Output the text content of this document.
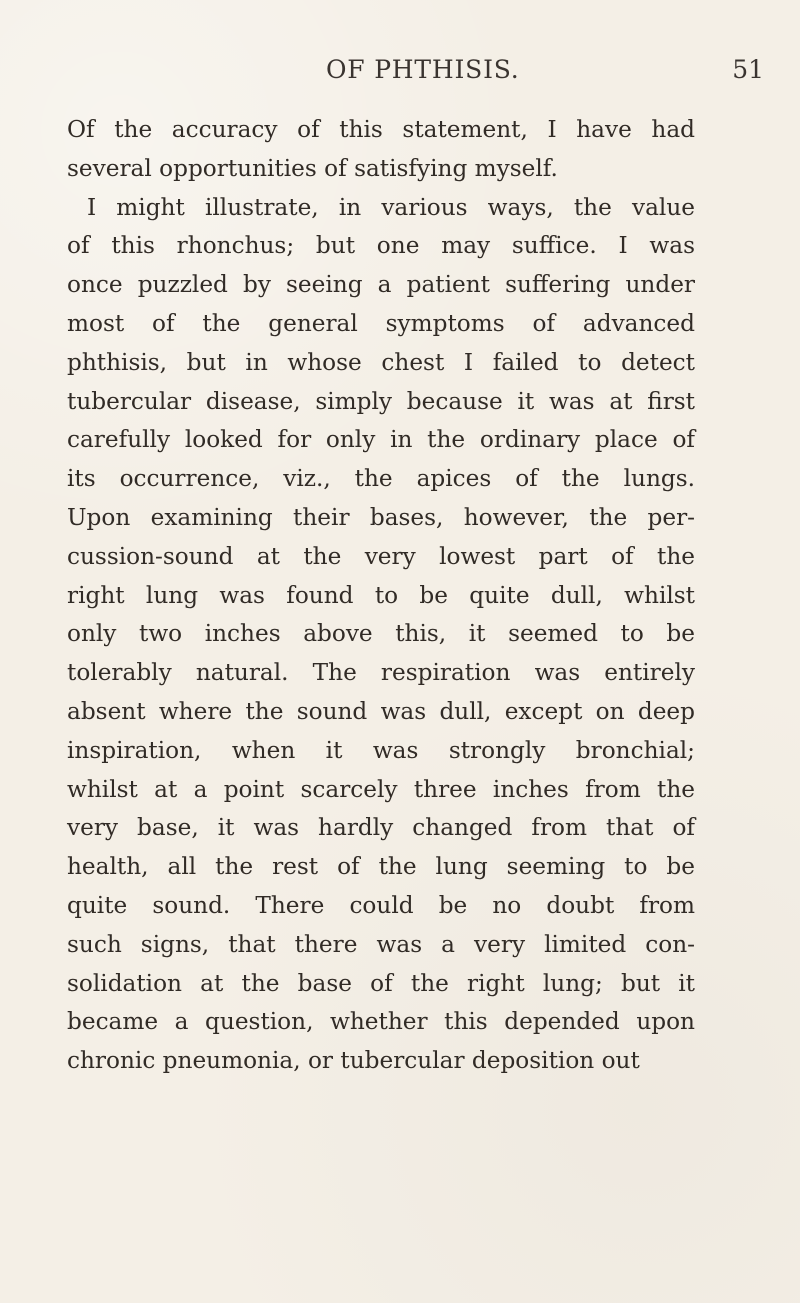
OF PHTHISIS.	51
Of the accuracy of this statement, I have had
several opportunities of satisfying myself.
I might illustrate, in various ways, the value
of this rhonchus; but one may suffice. I was
once puzzled by seeing a patient suffering under
most of the general symptoms of advanced
phthisis, but in whose chest I failed to detect
tubercular disease, simply because it was at first
carefully looked for only in the ordinary place of
its occurrence, viz., the apices of the lungs.
Upon examining their bases, however, the per-
cussion-sound at the very lowest part of the
right lung was found to be quite dull, whilst
only two inches above this, it seemed to be
tolerably natural. The respiration was entirely
absent where the sound was dull, except on deep
inspiration, when it was strongly bronchial;
whilst at a point scarcely three inches from the
very base, it was hardly changed from that of
health, all the rest of the lung seeming to be
quite sound. There could be no doubt from
such signs, that there was a very limited con-
solidation at the base of the right lung; but it
became a question, whether this depended upon
chronic pneumonia, or tubercular deposition out
